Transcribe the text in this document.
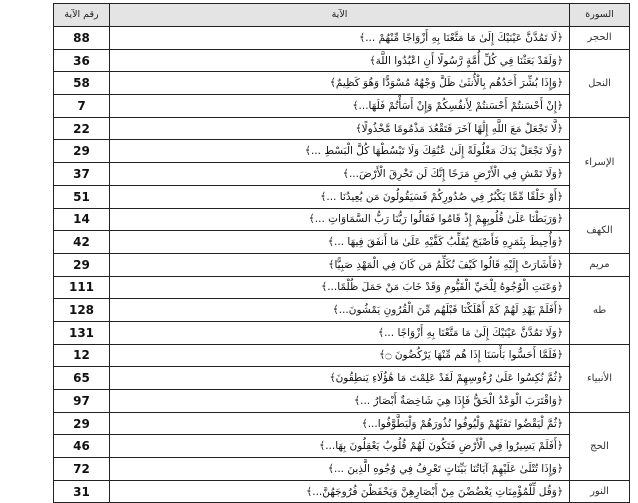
السورة	الآية	رقم الآية
الحجر	﴿لَا تَمُدَّنَّ عَيْنَيْكَ إِلَىٰ مَا مَتَّعْنَا بِهِ أَزْوَاجًا مِّنْهُمْ ...﴾	88
النحل	﴿وَلَقَدْ بَعَثْنَا فِي كُلِّ أُمَّةٍ رَّسُولًا أَنِ اعْبُدُوا اللَّهَ﴾	36
	﴿وَإِذَا بُشِّرَ أَحَدُهُم بِالْأُنثَىٰ ظَلَّ وَجْهُهُ مُسْوَدًّا وَهُوَ كَظِيمٌ﴾	58
	﴿إِنْ أَحْسَنتُمْ أَحْسَنتُمْ لِأَنفُسِكُمْ وَإِنْ أَسَأْتُمْ فَلَهَا...﴾	7
الإسراء	﴿لَّا تَجْعَلْ مَعَ اللَّهِ إِلَٰهًا آخَرَ فَتَقْعُدَ مَذْمُومًا مَّخْذُولًا﴾	22
	﴿وَلَا تَجْعَلْ يَدَكَ مَغْلُولَةً إِلَىٰ عُنُقِكَ وَلَا تَبْسُطْهَا كُلَّ الْبَسْطِ ...﴾	29
	﴿وَلَا تَمْشِ فِي الْأَرْضِ مَرَحًا إِنَّكَ لَن تَخْرِقَ الْأَرْضَ...﴾	37
	﴿أَوْ خَلْقًا مِّمَّا يَكْبُرُ فِي صُدُورِكُمْ فَسَيَقُولُونَ مَن يُعِيدُنَا ...﴾	51
الكهف	﴿وَرَبَطْنَا عَلَىٰ قُلُوبِهِمْ إِذْ قَامُوا فَقَالُوا رَبُّنَا رَبُّ السَّمَاوَاتِ ...﴾	14
	﴿وَأُحِيطَ بِثَمَرِهِ فَأَصْبَحَ يُقَلِّبُ كَفَّيْهِ عَلَىٰ مَا أَنفَقَ فِيهَا ...﴾	42
مريم	﴿فَأَشَارَتْ إِلَيْهِ قَالُوا كَيْفَ نُكَلِّمُ مَن كَانَ فِي الْمَهْدِ صَبِيًّا﴾	29
طه	﴿وَعَنَتِ الْوُجُوهُ لِلْحَيِّ الْقَيُّومِ وَقَدْ خَابَ مَنْ حَمَلَ ظُلْمًا...﴾	111
	﴿أَفَلَمْ يَهْدِ لَهُمْ كَمْ أَهْلَكْنَا قَبْلَهُم مِّنَ الْقُرُونِ يَمْشُونَ...﴾	128
	﴿وَلَا تَمُدَّنَّ عَيْنَيْكَ إِلَىٰ مَا مَتَّعْنَا بِهِ أَزْوَاجًا ...﴾	131
الأنبياء	﴿فَلَمَّا أَحَسُّوا بَأْسَنَا إِذَا هُم مِّنْهَا يَرْكُضُونَ ۝﴾	12
	﴿ثُمَّ نُكِسُوا عَلَىٰ رُءُوسِهِمْ لَقَدْ عَلِمْتَ مَا هَٰؤُلَاءِ يَنطِقُونَ﴾	65
	﴿وَاقْتَرَبَ الْوَعْدُ الْحَقُّ فَإِذَا هِيَ شَاخِصَةٌ أَبْصَارُ ...﴾	97
الحج	﴿ثُمَّ لْيَقْضُوا تَفَثَهُمْ وَلْيُوفُوا نُذُورَهُمْ وَلْيَطَّوَّفُوا...﴾	29
	﴿أَفَلَمْ يَسِيرُوا فِي الْأَرْضِ فَتَكُونَ لَهُمْ قُلُوبٌ يَعْقِلُونَ بِهَا...﴾	46
	﴿وَإِذَا تُتْلَىٰ عَلَيْهِمْ آيَاتُنَا بَيِّنَاتٍ تَعْرِفُ فِي وُجُوهِ الَّذِينَ ...﴾	72
النور	﴿وَقُل لِّلْمُؤْمِنَاتِ يَغْضُضْنَ مِنْ أَبْصَارِهِنَّ وَيَحْفَظْنَ فُرُوجَهُنَّ...﴾	31
